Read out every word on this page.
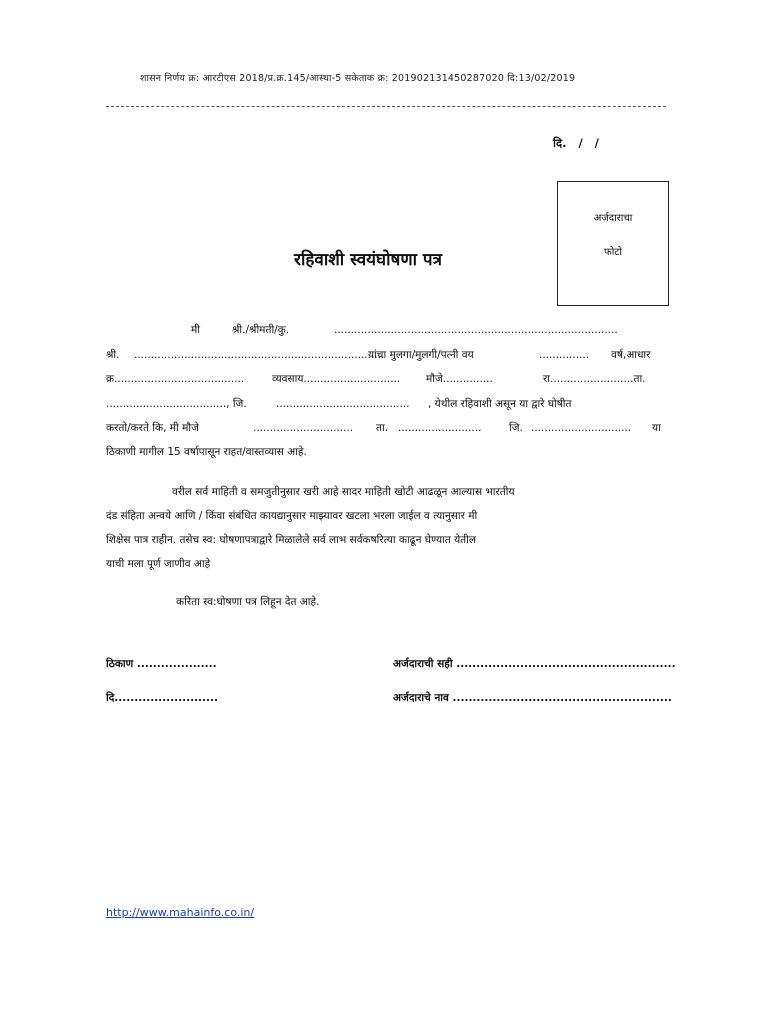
शासन निर्णय क्र: आरटीएस 2018/प्र.क्र.145/आस्था-5 सकेताक क्र: 201902131450287020 दि:13/02/2019
दि.   /   /
अर्जदाराचा
फोटो
रहिवाशी स्वयंघोषणा पत्र
मी	श्री./श्रीमती/कु.	.....................................................................................
श्री. ...........................................................................
यांचा मुलगा/मुलगी/पत्नी वय	............... वर्ष,आधार
क्र.......................................	व्यवसाय............................. मौजे...............	रा.........................ता.
...................................., जि.	........................................ , येथील रहिवाशी असून या द्वारे घोषीत
करतो/करते कि, मी मौजे	.............................. ता. .........................	जि. .............................. या
ठिकाणी मागील 15 वर्षापासून राहत/वास्तव्यास आहे.
वरील सर्व माहिती व समजुतीनुसार खरी आहे सादर माहिती खोटी आढळून आल्यास भारतीय
दंड संहिता अन्वये आणि / किंवा संबंधित कायद्यानुसार माझ्यावर खटला भरला जाईल व त्यानुसार मी
शिक्षेस पात्र राहीन. तसेच स्व: घोषणापत्राद्वारे मिळालेले सर्व लाभ सर्वकषरित्या काढून घेण्यात येतील
याची मला पूर्ण जाणीव आहे
करिता स्व:घोषणा पत्र लिहून देत आहे.
ठिकाण ....................	अर्जदाराची सही .......................................................
दि..........................	अर्जदाराचे नाव .......................................................
http://www.mahainfo.co.in/
